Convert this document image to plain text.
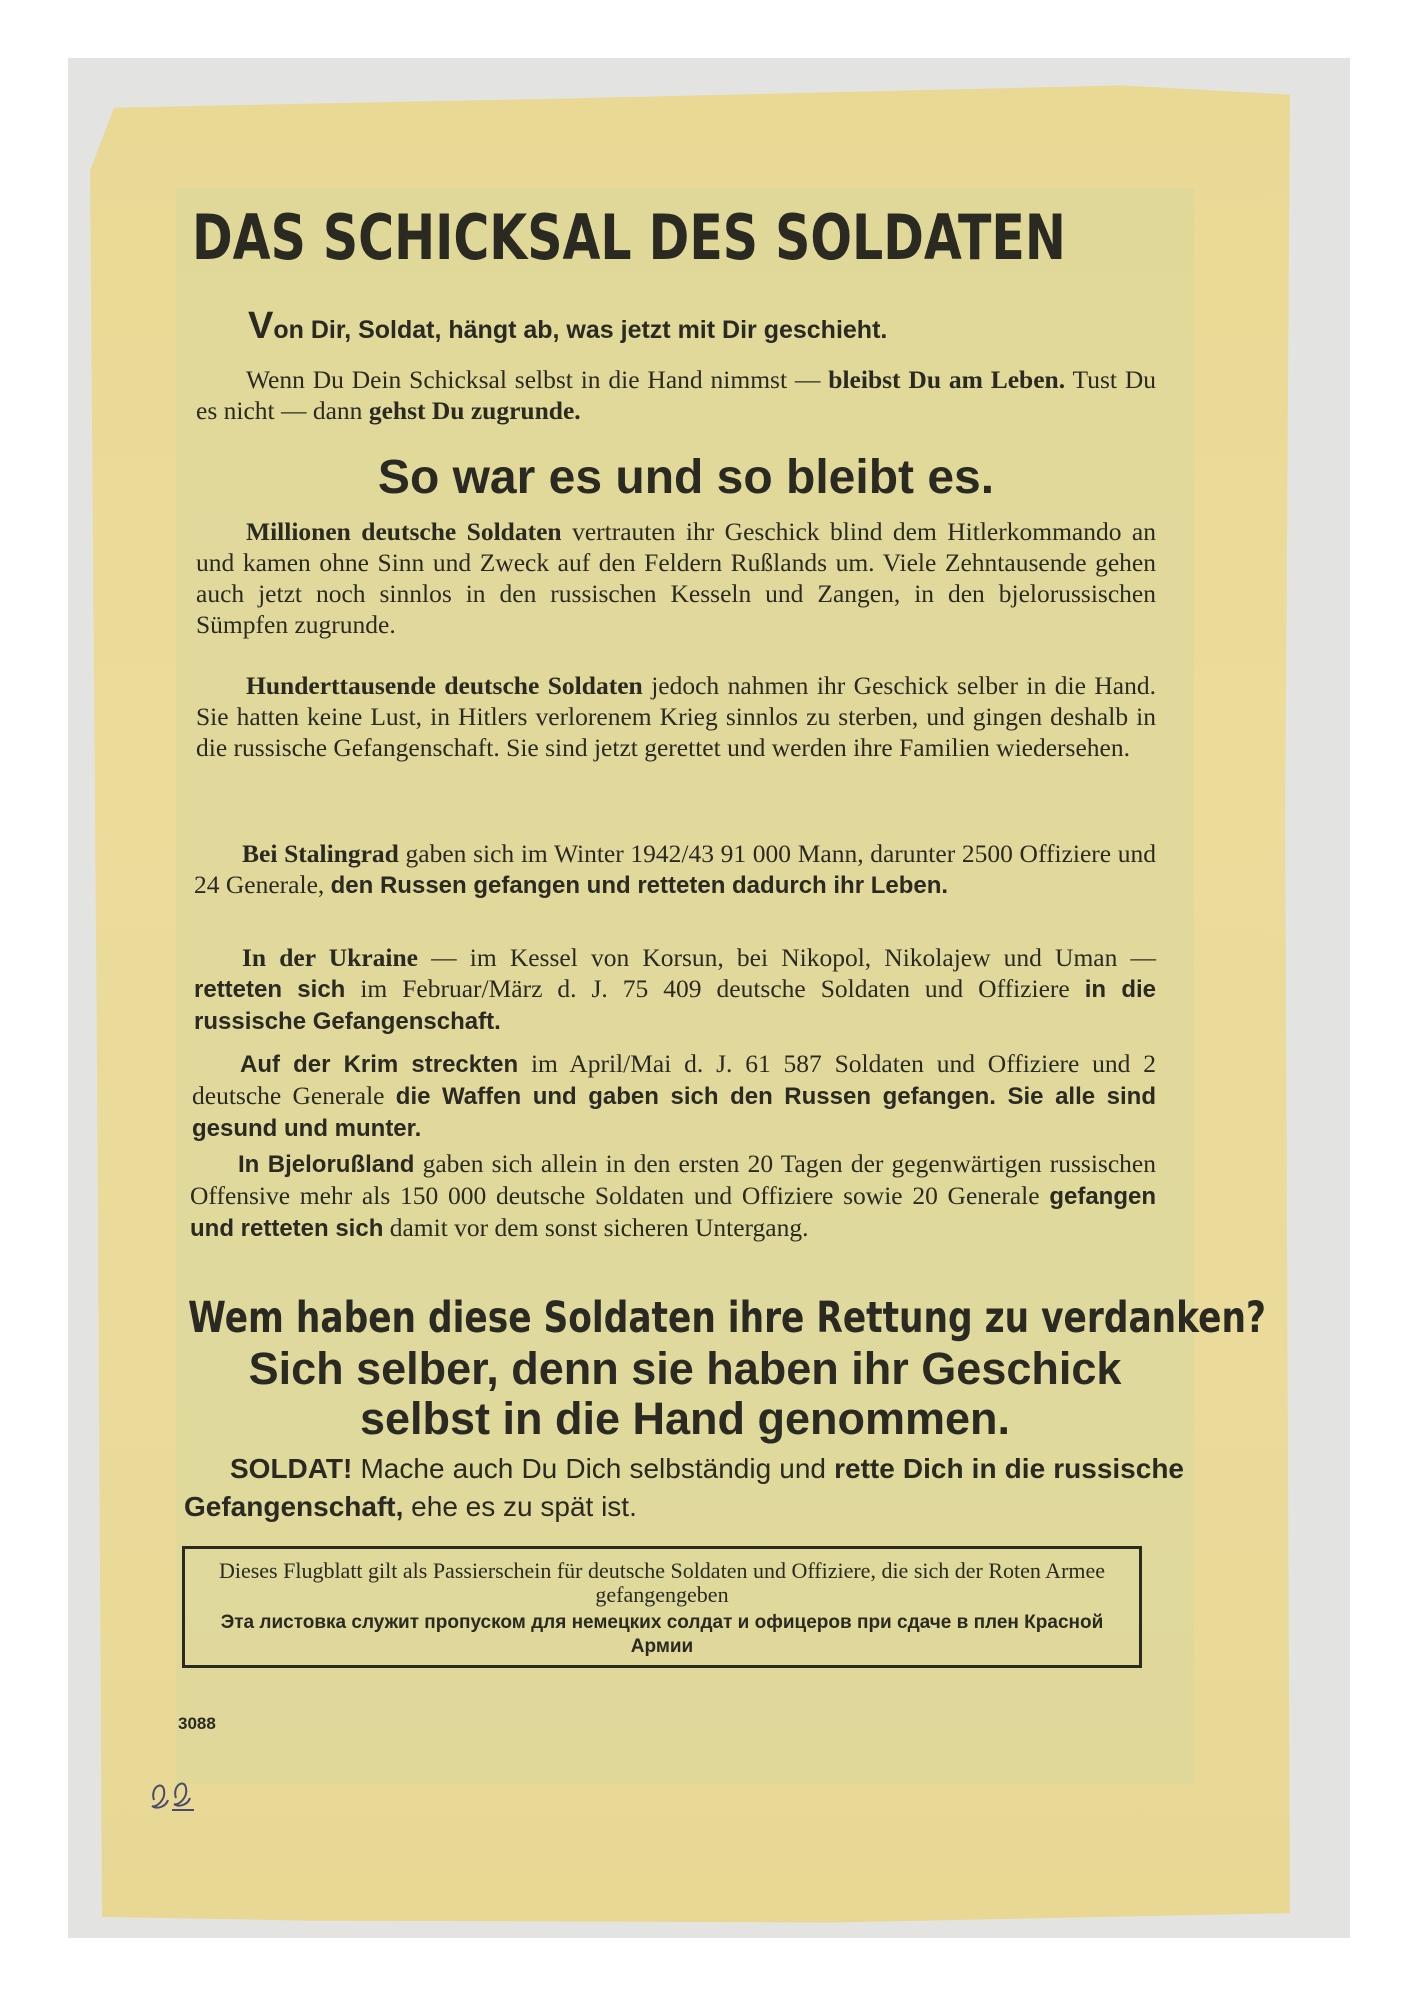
DAS SCHICKSAL DES SOLDATEN
Von Dir, Soldat, hängt ab, was jetzt mit Dir geschieht.
Wenn Du Dein Schicksal selbst in die Hand nimmst — bleibst Du am Leben. Tust Du es nicht — dann gehst Du zugrunde.
So war es und so bleibt es.
Millionen deutsche Soldaten vertrauten ihr Geschick blind dem Hitlerkommando an und kamen ohne Sinn und Zweck auf den Feldern Rußlands um. Viele Zehntausende gehen auch jetzt noch sinnlos in den russischen Kesseln und Zangen, in den bjelorussischen Sümpfen zugrunde.
Hunderttausende deutsche Soldaten jedoch nahmen ihr Geschick selber in die Hand. Sie hatten keine Lust, in Hitlers verlorenem Krieg sinnlos zu sterben, und gingen deshalb in die russische Gefangenschaft. Sie sind jetzt gerettet und werden ihre Familien wiedersehen.
Bei Stalingrad gaben sich im Winter 1942/43 91 000 Mann, darunter 2500 Offiziere und 24 Generale, den Russen gefangen und retteten dadurch ihr Leben.
In der Ukraine — im Kessel von Korsun, bei Nikopol, Nikolajew und Uman — retteten sich im Februar/März d. J. 75 409 deutsche Soldaten und Offiziere in die russische Gefangenschaft.
Auf der Krim streckten im April/Mai d. J. 61 587 Soldaten und Offiziere und 2 deutsche Generale die Waffen und gaben sich den Russen gefangen. Sie alle sind gesund und munter.
In Bjelorußland gaben sich allein in den ersten 20 Tagen der gegenwärtigen russischen Offensive mehr als 150 000 deutsche Soldaten und Offiziere sowie 20 Generale gefangen und retteten sich damit vor dem sonst sicheren Untergang.
Wem haben diese Soldaten ihre Rettung zu verdanken?
Sich selber, denn sie haben ihr Geschick selbst in die Hand genommen.
SOLDAT! Mache auch Du Dich selbständig und rette Dich in die russische Gefangenschaft, ehe es zu spät ist.
Dieses Flugblatt gilt als Passierschein für deutsche Soldaten und Offiziere, die sich der Roten Armee gefangengeben
Эта листовка служит пропуском для немецких солдат и офицеров при сдаче в плен Красной Армии
3088
